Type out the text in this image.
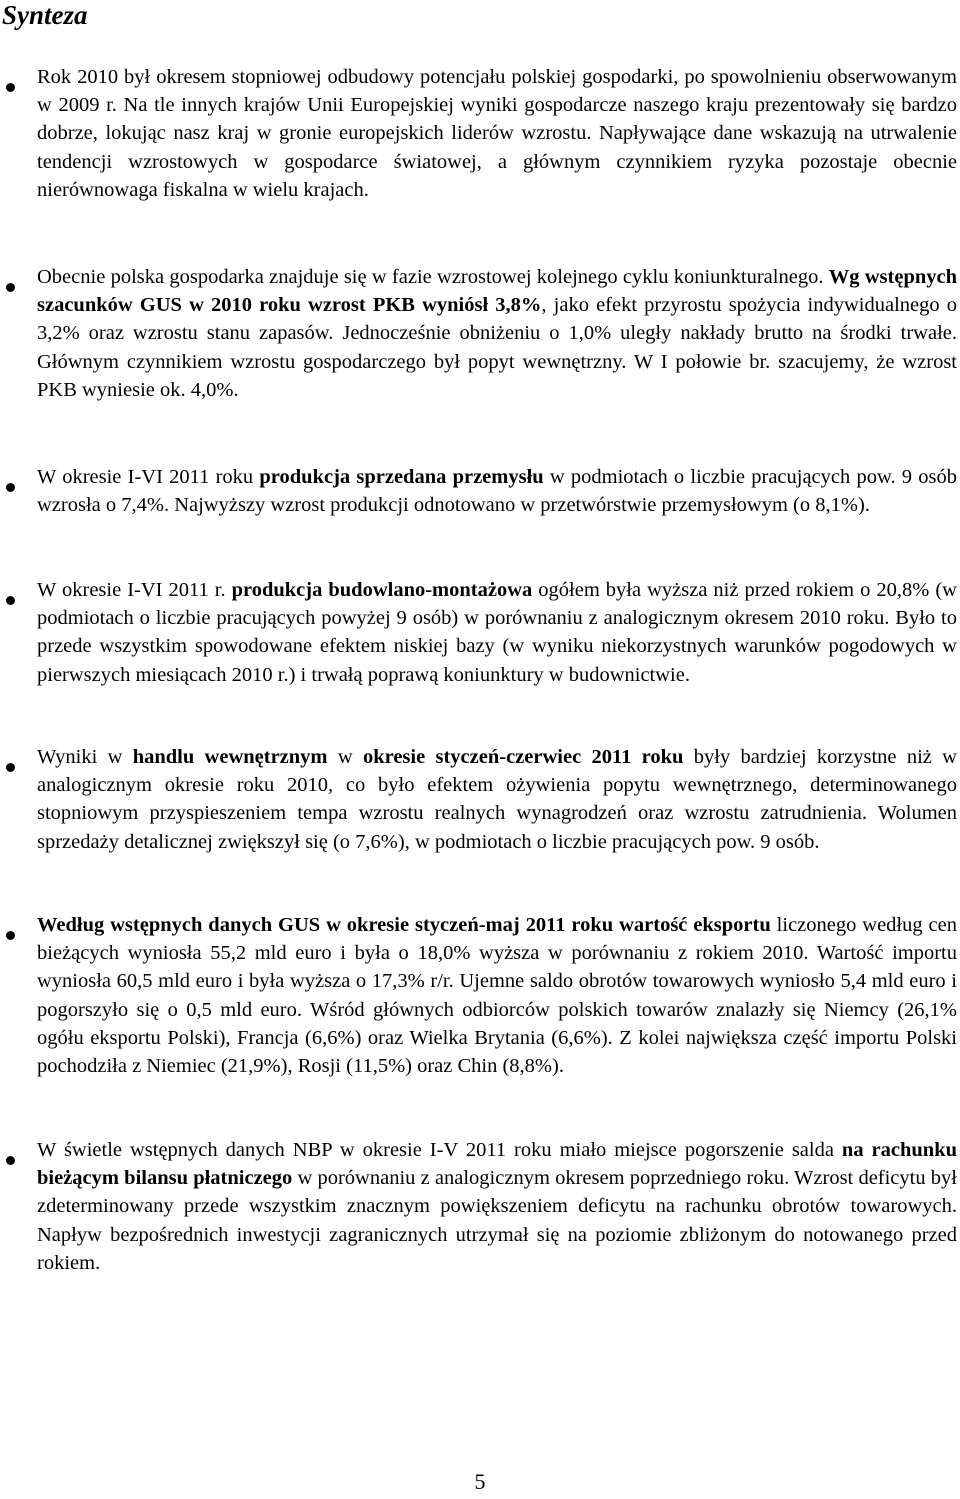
Synteza
Rok 2010 był okresem stopniowej odbudowy potencjału polskiej gospodarki, po spowolnieniu obserwowanym w 2009 r. Na tle innych krajów Unii Europejskiej wyniki gospodarcze naszego kraju prezentowały się bardzo dobrze, lokując nasz kraj w gronie europejskich liderów wzrostu. Napływające dane wskazują na utrwalenie tendencji wzrostowych w gospodarce światowej, a głównym czynnikiem ryzyka pozostaje obecnie nierównowaga fiskalna w wielu krajach.
Obecnie polska gospodarka znajduje się w fazie wzrostowej kolejnego cyklu koniunkturalnego. Wg wstępnych szacunków GUS w 2010 roku wzrost PKB wyniósł 3,8%, jako efekt przyrostu spożycia indywidualnego o 3,2% oraz wzrostu stanu zapasów. Jednocześnie obniżeniu o 1,0% uległy nakłady brutto na środki trwałe. Głównym czynnikiem wzrostu gospodarczego był popyt wewnętrzny. W I połowie br. szacujemy, że wzrost PKB wyniesie ok. 4,0%.
W okresie I-VI 2011 roku produkcja sprzedana przemysłu w podmiotach o liczbie pracujących pow. 9 osób wzrosła o 7,4%. Najwyższy wzrost produkcji odnotowano w przetwórstwie przemysłowym (o 8,1%).
W okresie I-VI 2011 r. produkcja budowlano-montażowa ogółem była wyższa niż przed rokiem o 20,8% (w podmiotach o liczbie pracujących powyżej 9 osób) w porównaniu z analogicznym okresem 2010 roku. Było to przede wszystkim spowodowane efektem niskiej bazy (w wyniku niekorzystnych warunków pogodowych w pierwszych miesiącach 2010 r.) i trwałą poprawą koniunktury w budownictwie.
Wyniki w handlu wewnętrznym w okresie styczeń-czerwiec 2011 roku były bardziej korzystne niż w analogicznym okresie roku 2010, co było efektem ożywienia popytu wewnętrznego, determinowanego stopniowym przyspieszeniem tempa wzrostu realnych wynagrodzeń oraz wzrostu zatrudnienia. Wolumen sprzedaży detalicznej zwiększył się (o 7,6%), w podmiotach o liczbie pracujących pow. 9 osób.
Według wstępnych danych GUS w okresie styczeń-maj 2011 roku wartość eksportu liczonego według cen bieżących wyniosła 55,2 mld euro i była o 18,0% wyższa w porównaniu z rokiem 2010. Wartość importu wyniosła 60,5 mld euro i była wyższa o 17,3% r/r. Ujemne saldo obrotów towarowych wyniosło 5,4 mld euro i pogorszyło się o 0,5 mld euro. Wśród głównych odbiorców polskich towarów znalazły się Niemcy (26,1% ogółu eksportu Polski), Francja (6,6%) oraz Wielka Brytania (6,6%). Z kolei największa część importu Polski pochodziła z Niemiec (21,9%), Rosji (11,5%) oraz Chin (8,8%).
W świetle wstępnych danych NBP w okresie I-V 2011 roku miało miejsce pogorszenie salda na rachunku bieżącym bilansu płatniczego w porównaniu z analogicznym okresem poprzedniego roku. Wzrost deficytu był zdeterminowany przede wszystkim znacznym powiększeniem deficytu na rachunku obrotów towarowych. Napływ bezpośrednich inwestycji zagranicznych utrzymał się na poziomie zbliżonym do notowanego przed rokiem.
5
